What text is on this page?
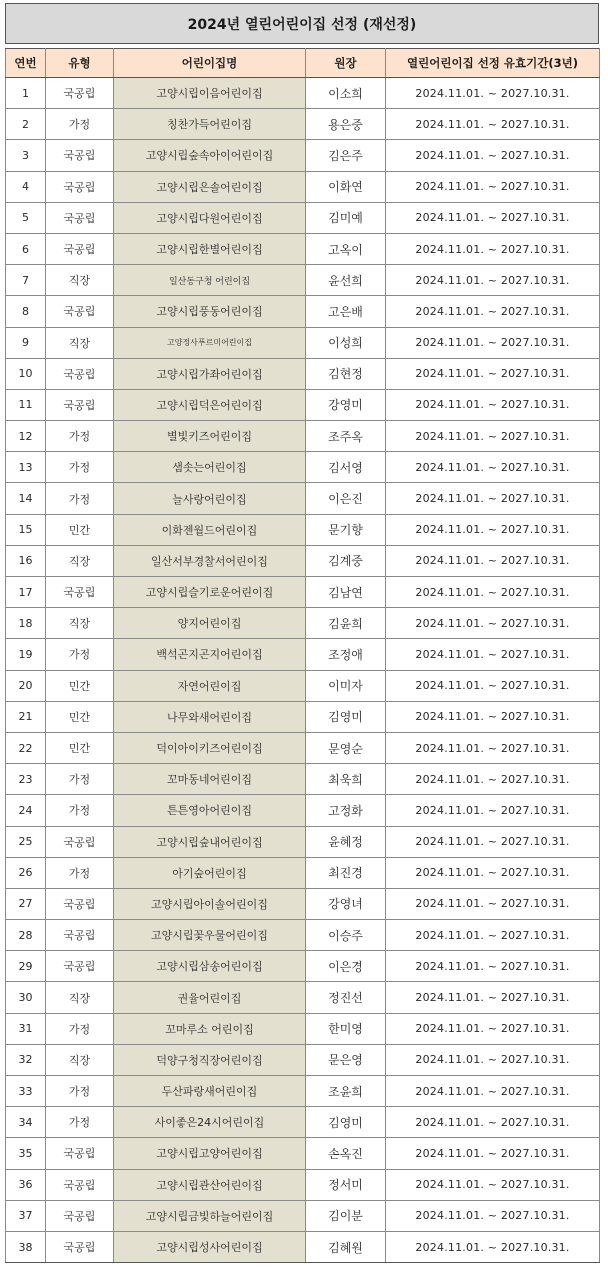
2024년 열린어린이집 선정 (재선정)
연번	유형	어린이집명	원장	열린어린이집 선정 유효기간(3년)
1	국공립	고양시립이음어린이집	이소희	2024.11.01. ~ 2027.10.31.
2	가정	칭찬가득어린이집	용은중	2024.11.01. ~ 2027.10.31.
3	국공립	고양시립숲속아이어린이집	김은주	2024.11.01. ~ 2027.10.31.
4	국공립	고양시립은솔어린이집	이화연	2024.11.01. ~ 2027.10.31.
5	국공립	고양시립다원어린이집	김미예	2024.11.01. ~ 2027.10.31.
6	국공립	고양시립한별어린이집	고옥이	2024.11.01. ~ 2027.10.31.
7	직장	일산동구청 어린이집	윤선희	2024.11.01. ~ 2027.10.31.
8	국공립	고양시립풍동어린이집	고은배	2024.11.01. ~ 2027.10.31.
9	직장	고양정사푸르미어린이집	이성희	2024.11.01. ~ 2027.10.31.
10	국공립	고양시립가좌어린이집	김현정	2024.11.01. ~ 2027.10.31.
11	국공립	고양시립덕은어린이집	강영미	2024.11.01. ~ 2027.10.31.
12	가정	별빛키즈어린이집	조주옥	2024.11.01. ~ 2027.10.31.
13	가정	샘솟는어린이집	김서영	2024.11.01. ~ 2027.10.31.
14	가정	늘사랑어린이집	이은진	2024.11.01. ~ 2027.10.31.
15	민간	이화젠월드어린이집	문기향	2024.11.01. ~ 2027.10.31.
16	직장	일산서부경찰서어린이집	김계중	2024.11.01. ~ 2027.10.31.
17	국공립	고양시립슬기로운어린이집	김남연	2024.11.01. ~ 2027.10.31.
18	직장	양지어린이집	김윤희	2024.11.01. ~ 2027.10.31.
19	가정	백석곤지곤지어린이집	조정애	2024.11.01. ~ 2027.10.31.
20	민간	자연어린이집	이미자	2024.11.01. ~ 2027.10.31.
21	민간	나무와새어린이집	김영미	2024.11.01. ~ 2027.10.31.
22	민간	덕이아이키즈어린이집	문영순	2024.11.01. ~ 2027.10.31.
23	가정	꼬마동네어린이집	최욱희	2024.11.01. ~ 2027.10.31.
24	가정	튼튼영아어린이집	고정화	2024.11.01. ~ 2027.10.31.
25	국공립	고양시립숲내어린이집	윤혜정	2024.11.01. ~ 2027.10.31.
26	가정	아기숲어린이집	최진경	2024.11.01. ~ 2027.10.31.
27	국공립	고양시립아이솔어린이집	강영녀	2024.11.01. ~ 2027.10.31.
28	국공립	고양시립꽃우물어린이집	이승주	2024.11.01. ~ 2027.10.31.
29	국공립	고양시립삼송어린이집	이은경	2024.11.01. ~ 2027.10.31.
30	직장	권율어린이집	정진선	2024.11.01. ~ 2027.10.31.
31	가정	꼬마루소 어린이집	한미영	2024.11.01. ~ 2027.10.31.
32	직장	덕양구청직장어린이집	문은영	2024.11.01. ~ 2027.10.31.
33	가정	두산파랑새어린이집	조윤희	2024.11.01. ~ 2027.10.31.
34	가정	사이좋은24시어린이집	김영미	2024.11.01. ~ 2027.10.31.
35	국공립	고양시립고양어린이집	손옥진	2024.11.01. ~ 2027.10.31.
36	국공립	고양시립관산어린이집	정서미	2024.11.01. ~ 2027.10.31.
37	국공립	고양시립금빛하늘어린이집	김이분	2024.11.01. ~ 2027.10.31.
38	국공립	고양시립성사어린이집	김혜원	2024.11.01. ~ 2027.10.31.
